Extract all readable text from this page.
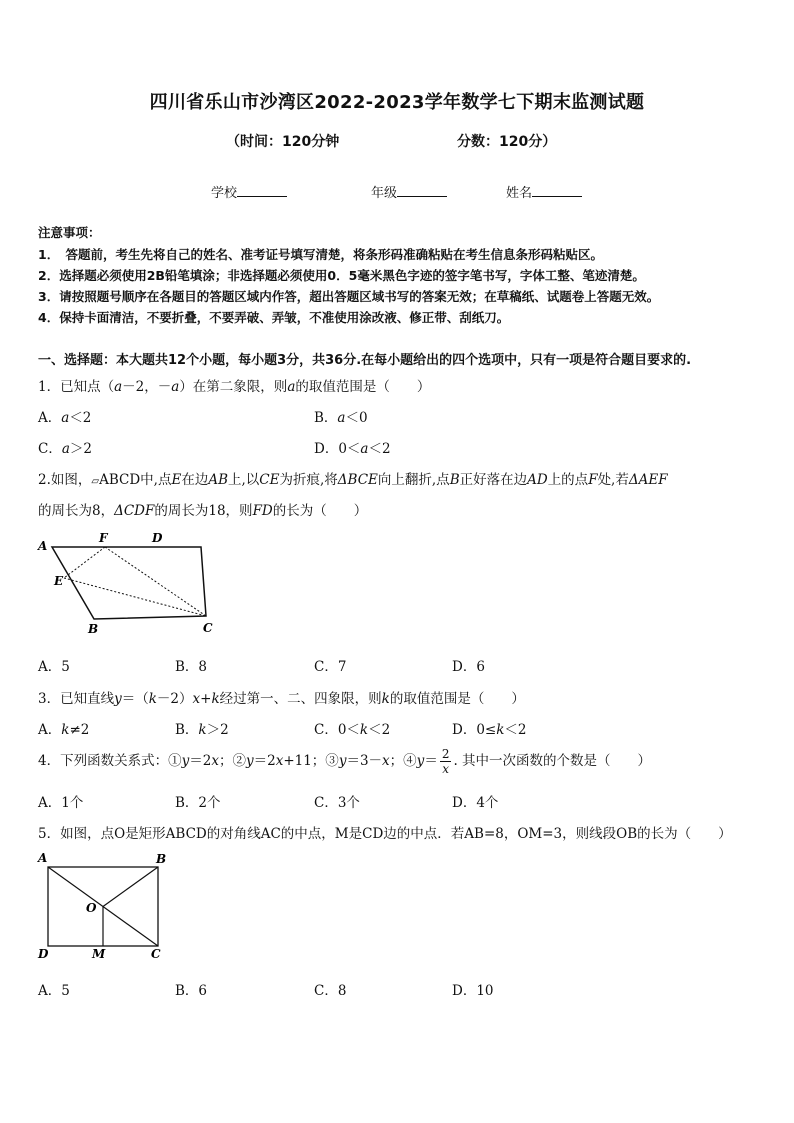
四川省乐山市沙湾区2022-2023学年数学七下期末监测试题
（时间：120分钟	分数：120分）
学校	年级	姓名
注意事项：
1．　答题前，考生先将自己的姓名、准考证号填写清楚，将条形码准确粘贴在考生信息条形码粘贴区。
2．选择题必须使用2B铅笔填涂；非选择题必须使用0．5毫米黑色字迹的签字笔书写，字体工整、笔迹清楚。
3．请按照题号顺序在各题目的答题区域内作答，超出答题区域书写的答案无效；在草稿纸、试题卷上答题无效。
4．保持卡面清洁，不要折叠，不要弄破、弄皱，不准使用涂改液、修正带、刮纸刀。
一、选择题：本大题共12个小题，每小题3分，共36分.在每小题给出的四个选项中，只有一项是符合题目要求的.
1．已知点（a－2，－a）在第二象限，则a的取值范围是（　　）
A．a＜2	B．a＜0
C．a＞2	D．0＜a＜2
2.如图，▱ABCD中,点E在边AB上,以CE为折痕,将ΔBCE向上翻折,点B正好落在边AD上的点F处,若ΔAEF
的周长为8，ΔCDF的周长为18，则FD的长为（　　）
A
F	D
E
B	C
A．5	B．8	C．7	D．6
3．已知直线y＝（k－2）x+k经过第一、二、四象限，则k的取值范围是（　　）
A．k≠2	B．k＞2	C．0＜k＜2	D．0≤k＜2
4．下列函数关系式：①y＝2x；②y＝2x+11；③y＝3－x；④y＝ $\frac{2}{x}$ . 其中一次函数的个数是（　　）
A．1个	B．2个	C．3个	D．4个
5．如图，点O是矩形ABCD的对角线AC的中点，M是CD边的中点．若AB=8，OM=3，则线段OB的长为（　　）
A	B
O
D	M	C
A．5	B．6	C．8	D．10
